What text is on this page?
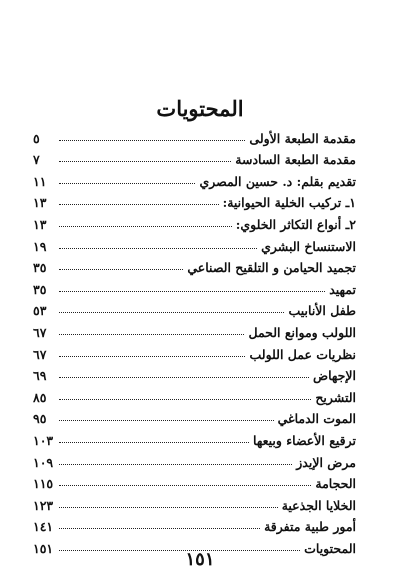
المحتويات
مقدمة الطبعة الأولى
٥
مقدمة الطبعة السادسة
٧
تقديم بقلم: د. حسين المصري
١١
١ـ تركيب الخلية الحيوانية:
١٣
٢ـ أنواع التكاثر الخلوي:
١٣
الاستنساخ البشري
١٩
تجميد الحيامن و التلقيح الصناعي
٣٥
تمهيد
٣٥
طفل الأنابيب
٥٣
اللولب وموانع الحمل
٦٧
نظريات عمل اللولب
٦٧
الإجهاض
٦٩
التشريح
٨٥
الموت الدماغي
٩٥
ترقيع الأعضاء وبيعها
١٠٣
مرض الإيدز
١٠٩
الحجامة
١١٥
الخلايا الجذعية
١٢٣
أمور طبية متفرقة
١٤١
المحتويات
١٥١
١٥١
